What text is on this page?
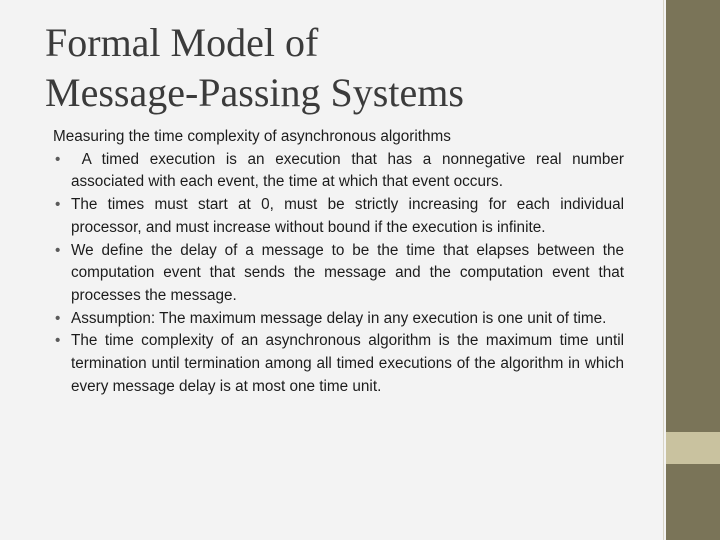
Formal Model of
Message-Passing Systems

Measuring the time complexity of asynchronous algorithms

• A timed execution is an execution that has a nonnegative real number associated with each event, the time at which that event occurs.
• The times must start at 0, must be strictly increasing for each individual processor, and must increase without bound if the execution is infinite.
• We define the delay of a message to be the time that elapses between the computation event that sends the message and the computation event that processes the message.
• Assumption: The maximum message delay in any execution is one unit of time.
• The time complexity of an asynchronous algorithm is the maximum time until termination until termination among all timed executions of the algorithm in which every message delay is at most one time unit.
